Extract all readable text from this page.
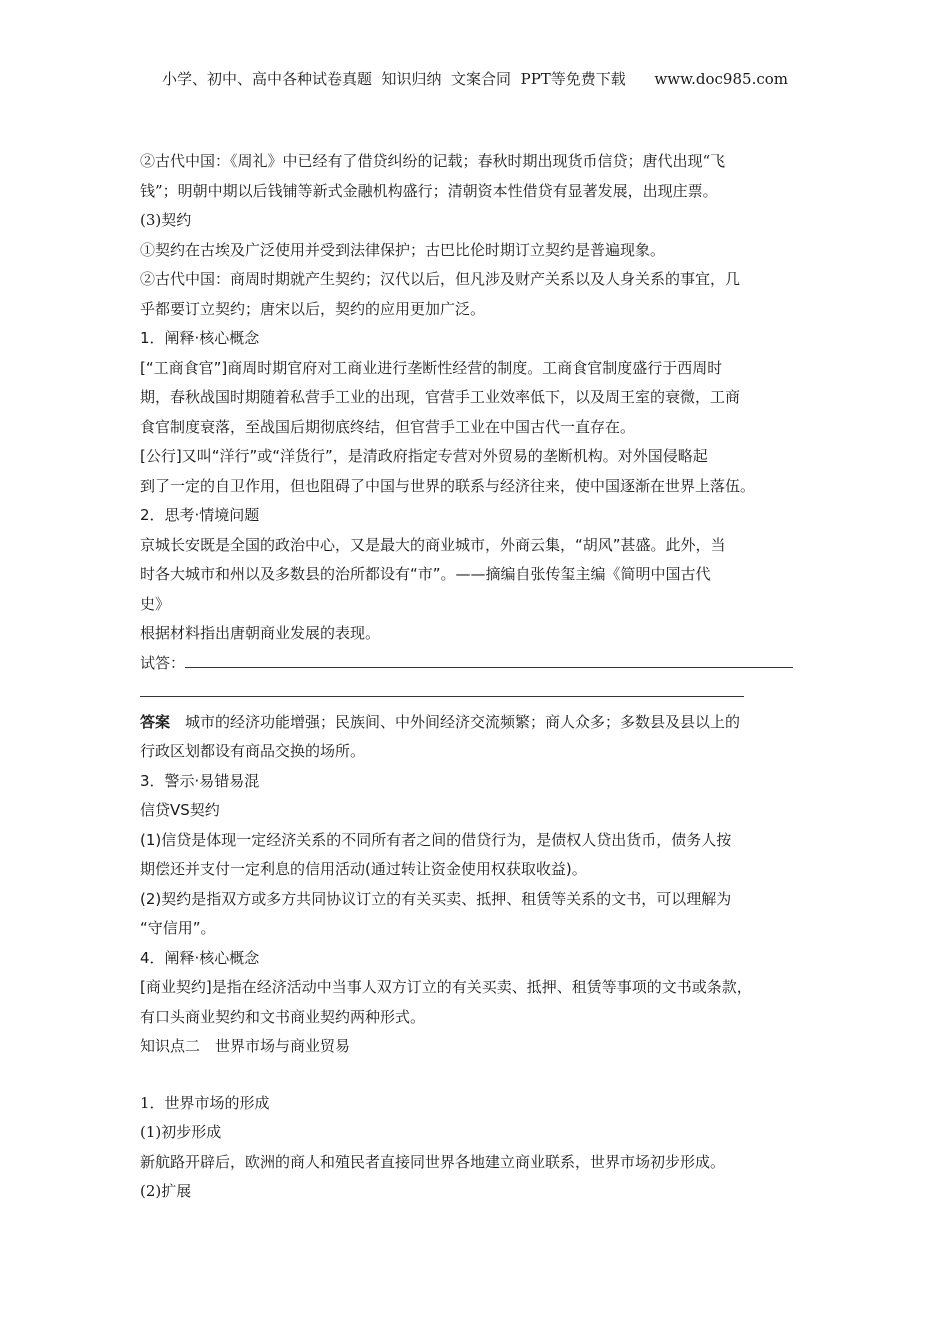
小学、初中、高中各种试卷真题  知识归纳  文案合同  PPT等免费下载      www.doc985.com

②古代中国：《周礼》中已经有了借贷纠纷的记载；春秋时期出现货币信贷；唐代出现“飞

钱”；明朝中期以后钱铺等新式金融机构盛行；清朝资本性借贷有显著发展，出现庄票。

(3)契约

①契约在古埃及广泛使用并受到法律保护；古巴比伦时期订立契约是普遍现象。

②古代中国：商周时期就产生契约；汉代以后，但凡涉及财产关系以及人身关系的事宜，几

乎都要订立契约；唐宋以后，契约的应用更加广泛。

1．阐释·核心概念

[“工商食官”]商周时期官府对工商业进行垄断性经营的制度。工商食官制度盛行于西周时

期，春秋战国时期随着私营手工业的出现，官营手工业效率低下，以及周王室的衰微，工商

食官制度衰落，至战国后期彻底终结，但官营手工业在中国古代一直存在。

[公行]又叫“洋行”或“洋货行”，是清政府指定专营对外贸易的垄断机构。对外国侵略起

到了一定的自卫作用，但也阻碍了中国与世界的联系与经济往来，使中国逐渐在世界上落伍。

2．思考·情境问题

京城长安既是全国的政治中心，又是最大的商业城市，外商云集，“胡风”甚盛。此外，当

时各大城市和州以及多数县的治所都设有“市”。——摘编自张传玺主编《简明中国古代

史》

根据材料指出唐朝商业发展的表现。

试答：

答案 城市的经济功能增强；民族间、中外间经济交流频繁；商人众多；多数县及县以上的

行政区划都设有商品交换的场所。

3．警示·易错易混

信贷VS契约

(1)信贷是体现一定经济关系的不同所有者之间的借贷行为，是债权人贷出货币，债务人按

期偿还并支付一定利息的信用活动(通过转让资金使用权获取收益)。

(2)契约是指双方或多方共同协议订立的有关买卖、抵押、租赁等关系的文书，可以理解为

“守信用”。

4．阐释·核心概念

[商业契约]是指在经济活动中当事人双方订立的有关买卖、抵押、租赁等事项的文书或条款，

有口头商业契约和文书商业契约两种形式。

知识点二　世界市场与商业贸易

1．世界市场的形成

(1)初步形成

新航路开辟后，欧洲的商人和殖民者直接同世界各地建立商业联系，世界市场初步形成。

(2)扩展
